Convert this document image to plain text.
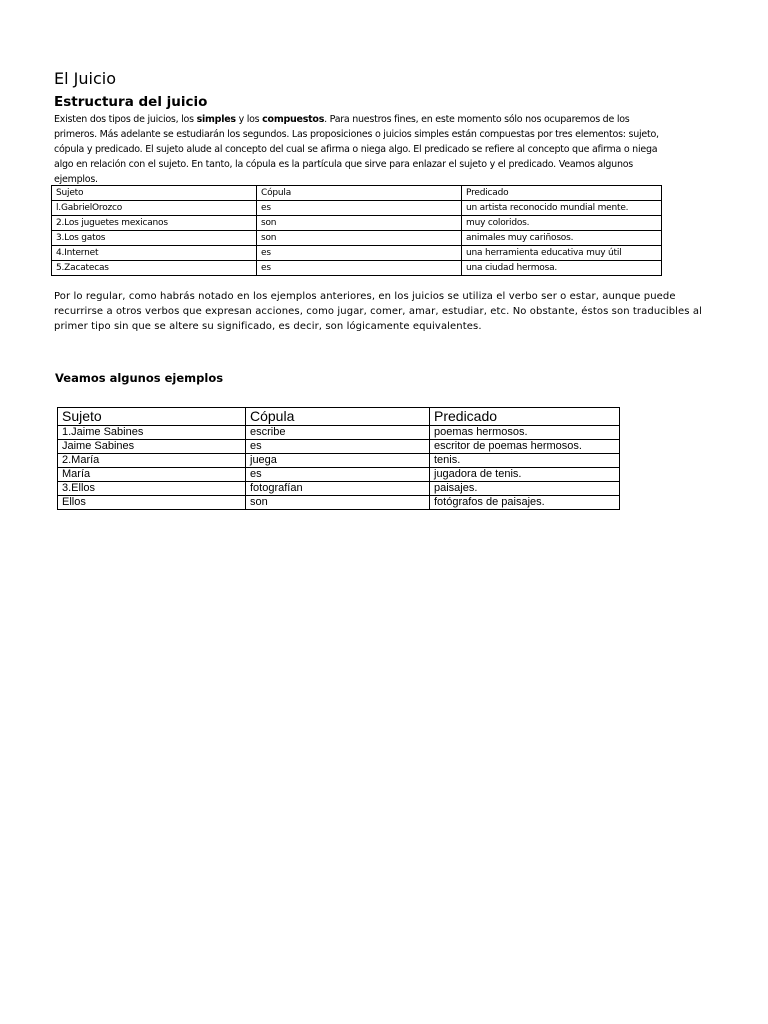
El Juicio
Estructura del juicio

Existen dos tipos de juicios, los simples y los compuestos. Para nuestros fines, en este momento sólo nos ocuparemos de los primeros. Más adelante se estudiarán los segundos. Las proposiciones o juicios simples están compuestas por tres elementos: sujeto, cópula y predicado. El sujeto alude al concepto del cual se afirma o niega algo. El predicado se refiere al concepto que afirma o niega algo en relación con el sujeto. En tanto, la cópula es la partícula que sirve para enlazar el sujeto y el predicado. Veamos algunos ejemplos.

Sujeto	Cópula	Predicado
l.GabrielOrozco	es	un artista reconocido mundial mente.
2.Los juguetes mexicanos	son	muy coloridos.
3.Los gatos	son	animales muy cariñosos.
4.Internet	es	una herramienta educativa muy útil
5.Zacatecas	es	una ciudad hermosa.

Por lo regular, como habrás notado en los ejemplos anteriores, en los juicios se utiliza el verbo ser o estar, aunque puede recurrirse a otros verbos que expresan acciones, como jugar, comer, amar, estudiar, etc. No obstante, éstos son traducibles al primer tipo sin que se altere su significado, es decir, son lógicamente equivalentes.

Veamos algunos ejemplos
Sujeto	Cópula	Predicado
1.Jaime Sabines	escribe	poemas hermosos.
Jaime Sabines	es	escritor de poemas hermosos.
2.María	juega	tenis.
María	es	jugadora de tenis.
3.Ellos	fotografían	paisajes.
Ellos	son	fotógrafos de paisajes.
